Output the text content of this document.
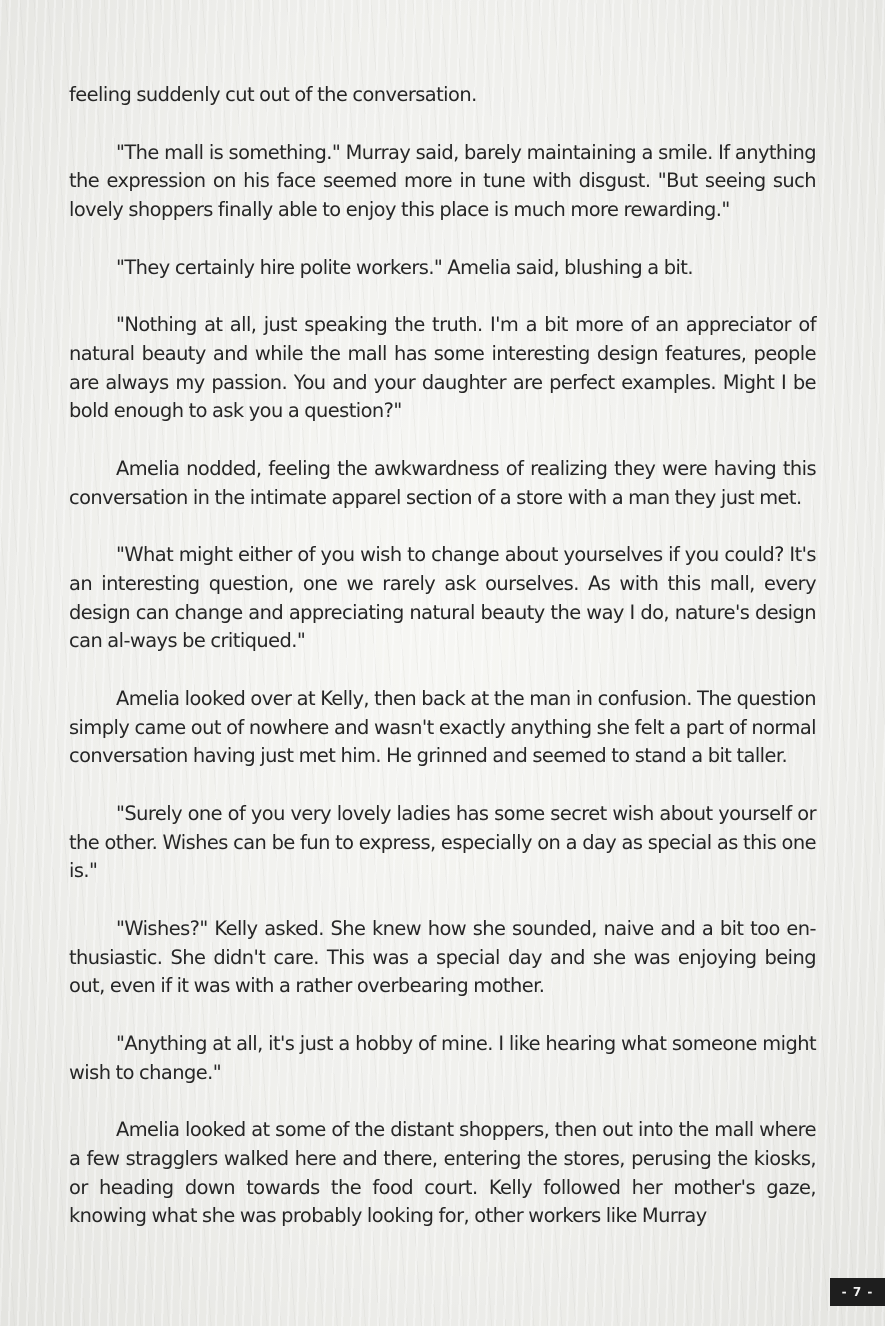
feeling suddenly cut out of the conversation.

"The mall is something." Murray said, barely maintaining a smile. If anything the expression on his face seemed more in tune with disgust. "But seeing such lovely shoppers finally able to enjoy this place is much more rewarding."

"They certainly hire polite workers." Amelia said, blushing a bit.

"Nothing at all, just speaking the truth. I'm a bit more of an appreciator of natural beauty and while the mall has some interesting design features, people are always my passion. You and your daughter are perfect examples. Might I be bold enough to ask you a question?"

Amelia nodded, feeling the awkwardness of realizing they were having this conversation in the intimate apparel section of a store with a man they just met.

"What might either of you wish to change about yourselves if you could? It's an interesting question, one we rarely ask ourselves. As with this mall, every design can change and appreciating natural beauty the way I do, nature's design can al-ways be critiqued."

Amelia looked over at Kelly, then back at the man in confusion. The question simply came out of nowhere and wasn't exactly anything she felt a part of normal conversation having just met him. He grinned and seemed to stand a bit taller.

"Surely one of you very lovely ladies has some secret wish about yourself or the other. Wishes can be fun to express, especially on a day as special as this one is."

"Wishes?" Kelly asked. She knew how she sounded, naive and a bit too en-thusiastic. She didn't care. This was a special day and she was enjoying being out, even if it was with a rather overbearing mother.

"Anything at all, it's just a hobby of mine. I like hearing what someone might wish to change."

Amelia looked at some of the distant shoppers, then out into the mall where a few stragglers walked here and there, entering the stores, perusing the kiosks, or heading down towards the food court. Kelly followed her mother's gaze, knowing what she was probably looking for, other workers like Murray

- 7 -
